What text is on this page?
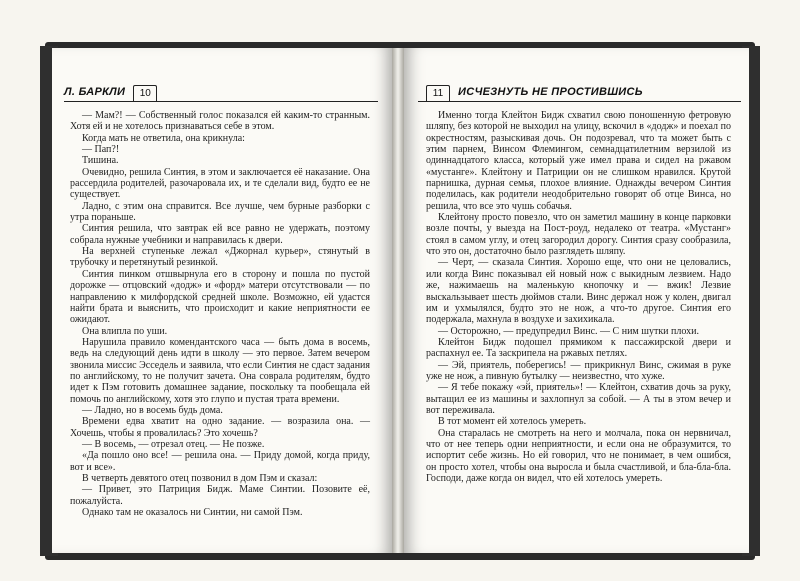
Л. БАРКЛИ	10

— Мам?! — Собственный голос показался ей каким-то странным. Хотя ей и не хотелось признаваться себе в этом.

Когда мать не ответила, она крикнула:

— Пап?!

Тишина.

Очевидно, решила Синтия, в этом и заключается её наказание. Она рассердила родителей, разочаровала их, и те сделали вид, будто ее не существует.

Ладно, с этим она справится. Все лучше, чем бурные разборки с утра пораньше.

Синтия решила, что завтрак ей все равно не удержать, поэтому собрала нужные учебники и направилась к двери.

На верхней ступеньке лежал «Джорнал курьер», стянутый в трубочку и перетянутый резинкой.

Синтия пинком отшвырнула его в сторону и пошла по пустой дорожке — отцовский «додж» и «форд» матери отсутствовали — по направлению к милфордской средней школе. Возможно, ей удастся найти брата и выяснить, что происходит и какие неприятности ее ожидают.

Она влипла по уши.

Нарушила правило комендантского часа — быть дома в восемь, ведь на следующий день идти в школу — это первое. Затем вечером звонила миссис Эсседель и заявила, что если Синтия не сдаст задания по английскому, то не получит зачета. Она соврала родителям, будто идет к Пэм готовить домашнее задание, поскольку та пообещала ей помочь по английскому, хотя это глупо и пустая трата времени.

— Ладно, но в восемь будь дома.

Времени едва хватит на одно задание. — возразила она. — Хочешь, чтобы я провалилась? Это хочешь?

— В восемь, — отрезал отец. — Не позже.

«Да пошло оно все! — решила она. — Приду домой, когда приду, вот и все».

В четверть девятого отец позвонил в дом Пэм и сказал:

— Привет, это Патриция Бидж. Маме Синтии. Позовите её, пожалуйста.

Однако там не оказалось ни Синтии, ни самой Пэм.

11	ИСЧЕЗНУТЬ НЕ ПРОСТИВШИСЬ

Именно тогда Клейтон Бидж схватил свою поношенную фетровую шляпу, без которой не выходил на улицу, вскочил в «додж» и поехал по окрестностям, разыскивая дочь. Он подозревал, что та может быть с этим парнем, Винсом Флемингом, семнадцатилетним верзилой из одиннадцатого класса, который уже имел права и сидел на ржавом «мустанге». Клейтону и Патриции он не слишком нравился. Крутой парнишка, дурная семья, плохое влияние. Однажды вечером Синтия поделилась, как родители неодобрительно говорят об отце Винса, но решила, что все это чушь собачья.

Клейтону просто повезло, что он заметил машину в конце парковки возле почты, у выезда на Пост-роуд, недалеко от театра. «Мустанг» стоял в самом углу, и отец загородил дорогу. Синтия сразу сообразила, что это он, достаточно было разглядеть шляпу.

— Черт, — сказала Синтия. Хорошо еще, что они не целовались, или когда Винс показывал ей новый нож с выкидным лезвием. Надо же, нажимаешь на маленькую кнопочку и — вжик! Лезвие выскальзывает шесть дюймов стали. Винс держал нож у колен, двигал им и ухмылялся, будто это не нож, а что-то другое. Синтия его подержала, махнула в воздухе и захихикала.

— Осторожно, — предупредил Винс. — С ним шутки плохи.

Клейтон Бидж подошел прямиком к пассажирской двери и распахнул ее. Та заскрипела на ржавых петлях.

— Эй, приятель, поберегись! — прикрикнул Винс, сжимая в руке уже не нож, а пивную бутылку — неизвестно, что хуже.

— Я тебе покажу «эй, приятель»! — Клейтон, схватив дочь за руку, вытащил ее из машины и захлопнул за собой. — А ты в этом вечер и вот переживала.

В тот момент ей хотелось умереть.

Она старалась не смотреть на него и молчала, пока он нервничал, что от нее теперь одни неприятности, и если она не образумится, то испортит себе жизнь. Но ей говорил, что не понимает, в чем ошибся, он просто хотел, чтобы она выросла и была счастливой, и бла-бла-бла. Господи, даже когда он видел, что ей хотелось умереть.
